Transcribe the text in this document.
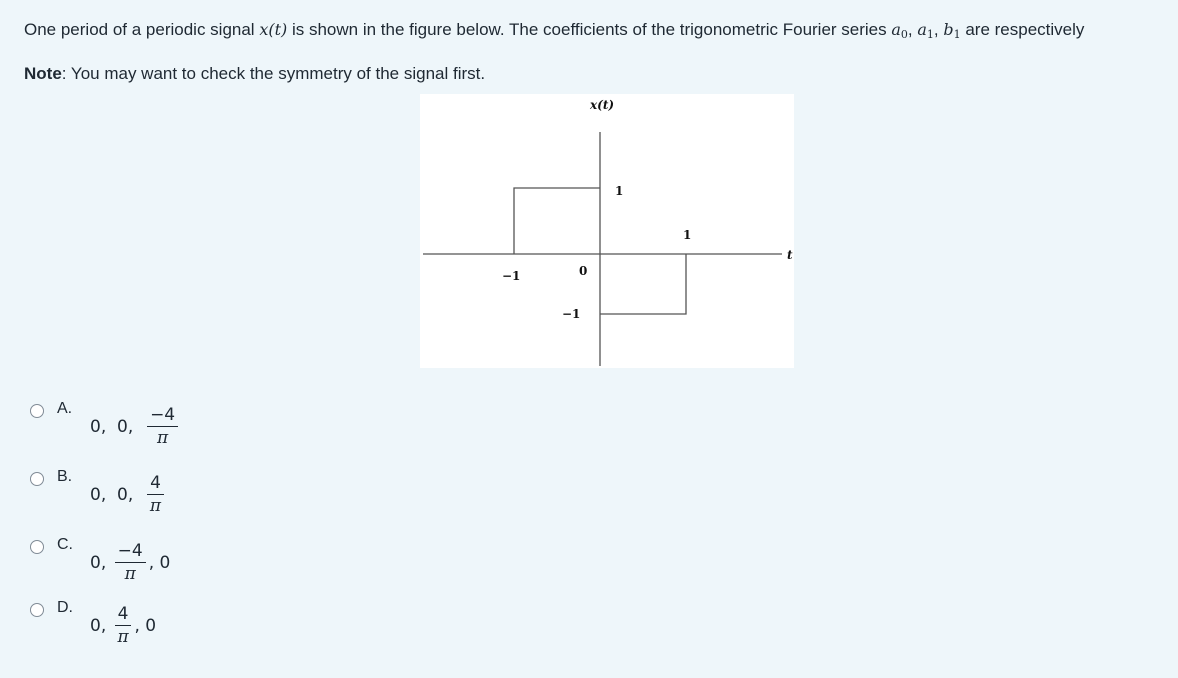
One period of a periodic signal x(t) is shown in the figure below. The coefficients of the trigonometric Fourier series $a_0$, $a_1$, $b_1$ are respectively
Note: You may want to check the symmetry of the signal first.
x(t)
t
1
1
−1	0
−1
A.
0,  0, $\frac{-4}{\pi}$
B.
0,  0, $\frac{4}{\pi}$
C.
0, $\frac{-4}{\pi}$ , 0
D.
0, $\frac{4}{\pi}$ , 0
